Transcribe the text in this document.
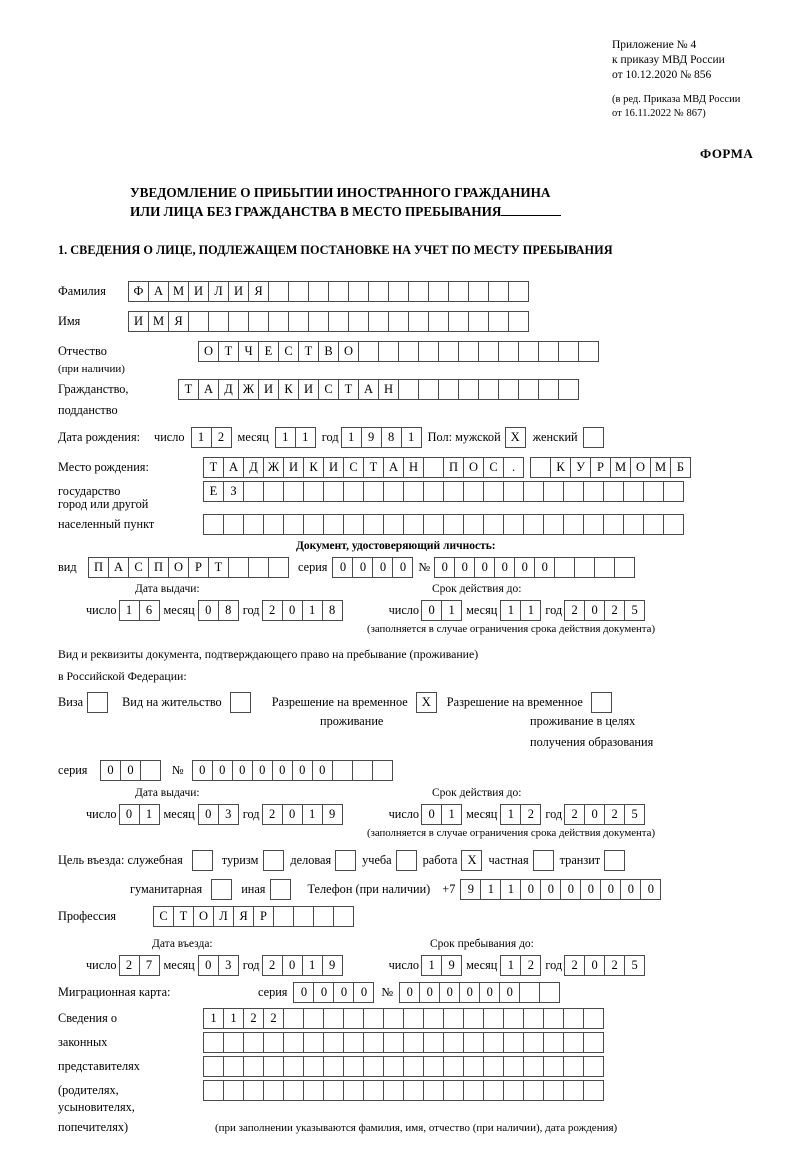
Приложение № 4
к приказу МВД России
от 10.12.2020 № 856
(в ред. Приказа МВД России
от 16.11.2022 № 867)
ФОРМА
УВЕДОМЛЕНИЕ О ПРИБЫТИИ ИНОСТРАННОГО ГРАЖДАНИНА
ИЛИ ЛИЦА БЕЗ ГРАЖДАНСТВА В МЕСТО ПРЕБЫВАНИЯ
1. СВЕДЕНИЯ О ЛИЦЕ, ПОДЛЕЖАЩЕМ ПОСТАНОВКЕ НА УЧЕТ ПО МЕСТУ ПРЕБЫВАНИЯ
Фамилия	Ф А М И Л И Я
Имя	И М Я
Отчество	О Т Ч Е С Т В О
(при наличии)
Гражданство,	Т А Д Ж И К И С Т А Н
подданство
Дата рождения: число	1	2	месяц	1	1	год 1	9	8	1	Пол: мужской X	женский
Место рождения:	Т А Д Ж И К И С Т А Н	П О С	.	К У Р М О М Б
государство	Е	З
город или другой
населенный пункт
Документ, удостоверяющий личность:
вид	П А С П О Р	Т	серия 0	0	0	0	№ 0	0	0	0	0	0
Дата выдачи:	Срок действия до:
число 1	6 месяц 0	8 год 2	0	1	8	число 0	1 месяц 1	1 год 2	0	2	5
(заполняется в случае ограничения срока действия документа)
Вид и реквизиты документа, подтверждающего право на пребывание (проживание)
в Российской Федерации:
Виза	Вид на жительство	Разрешение на временное	X	Разрешение на временное
проживание	проживание в целях
получения образования
серия	0	0	№	0	0	0	0	0	0	0
Дата выдачи:	Срок действия до:
число 0	1 месяц 0	3 год 2	0	1	9	число 0	1 месяц 1	2 год 2	0	2	5
(заполняется в случае ограничения срока действия документа)
Цель въезда: служебная	туризм	деловая	учеба	работа X частная	транзит
гуманитарная	иная	Телефон (при наличии) +7 9	1	1	0	0	0	0	0	0	0
Профессия	С Т О Л Я Р
Дата въезда:	Срок пребывания до:
число 2	7 месяц 0	3 год 2	0	1	9	число 1	9 месяц 1	2 год 2	0	2	5
Миграционная карта:	серия	0	0	0	0	№	0	0	0	0	0	0
Сведения о	1	1	2	2
законных
представителях
(родителях,
усыновителях,
попечителях)	(при заполнении указываются фамилия, имя, отчество (при наличии), дата рождения)
